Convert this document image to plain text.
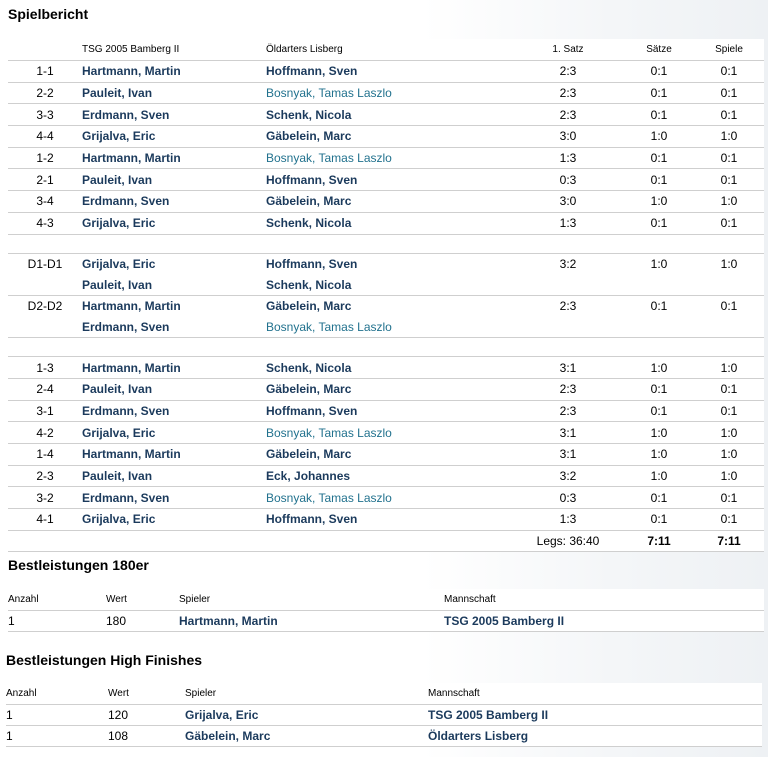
Spielbericht
	TSG 2005 Bamberg II	Öldarters Lisberg	1. Satz	Sätze	Spiele
1-1	Hartmann, Martin	Hoffmann, Sven	2:3	0:1	0:1
2-2	Pauleit, Ivan	Bosnyak, Tamas Laszlo	2:3	0:1	0:1
3-3	Erdmann, Sven	Schenk, Nicola	2:3	0:1	0:1
4-4	Grijalva, Eric	Gäbelein, Marc	3:0	1:0	1:0
1-2	Hartmann, Martin	Bosnyak, Tamas Laszlo	1:3	0:1	0:1
2-1	Pauleit, Ivan	Hoffmann, Sven	0:3	0:1	0:1
3-4	Erdmann, Sven	Gäbelein, Marc	3:0	1:0	1:0
4-3	Grijalva, Eric	Schenk, Nicola	1:3	0:1	0:1

D1-D1	Grijalva, Eric	Hoffmann, Sven	3:2	1:0	1:0
	Pauleit, Ivan	Schenk, Nicola			
D2-D2	Hartmann, Martin	Gäbelein, Marc	2:3	0:1	0:1
	Erdmann, Sven	Bosnyak, Tamas Laszlo			

1-3	Hartmann, Martin	Schenk, Nicola	3:1	1:0	1:0
2-4	Pauleit, Ivan	Gäbelein, Marc	2:3	0:1	0:1
3-1	Erdmann, Sven	Hoffmann, Sven	2:3	0:1	0:1
4-2	Grijalva, Eric	Bosnyak, Tamas Laszlo	3:1	1:0	1:0
1-4	Hartmann, Martin	Gäbelein, Marc	3:1	1:0	1:0
2-3	Pauleit, Ivan	Eck, Johannes	3:2	1:0	1:0
3-2	Erdmann, Sven	Bosnyak, Tamas Laszlo	0:3	0:1	0:1
4-1	Grijalva, Eric	Hoffmann, Sven	1:3	0:1	0:1
			Legs: 36:40	7:11	7:11
Bestleistungen 180er
Anzahl	Wert	Spieler	Mannschaft
1	180	Hartmann, Martin	TSG 2005 Bamberg II
Bestleistungen High Finishes
Anzahl	Wert	Spieler	Mannschaft
1	120	Grijalva, Eric	TSG 2005 Bamberg II
1	108	Gäbelein, Marc	Öldarters Lisberg
